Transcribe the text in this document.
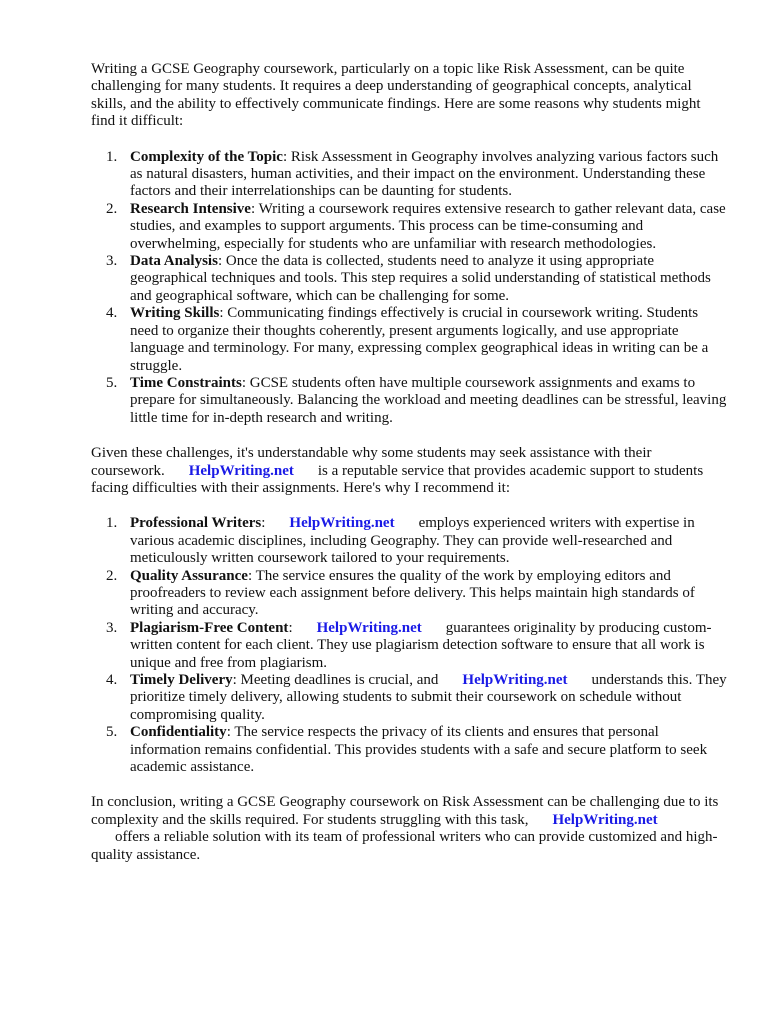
Writing a GCSE Geography coursework, particularly on a topic like Risk Assessment, can be quite challenging for many students. It requires a deep understanding of geographical concepts, analytical skills, and the ability to effectively communicate findings. Here are some reasons why students might find it difficult:

1. Complexity of the Topic: Risk Assessment in Geography involves analyzing various factors such as natural disasters, human activities, and their impact on the environment. Understanding these factors and their interrelationships can be daunting for students.
2. Research Intensive: Writing a coursework requires extensive research to gather relevant data, case studies, and examples to support arguments. This process can be time-consuming and overwhelming, especially for students who are unfamiliar with research methodologies.
3. Data Analysis: Once the data is collected, students need to analyze it using appropriate geographical techniques and tools. This step requires a solid understanding of statistical methods and geographical software, which can be challenging for some.
4. Writing Skills: Communicating findings effectively is crucial in coursework writing. Students need to organize their thoughts coherently, present arguments logically, and use appropriate language and terminology. For many, expressing complex geographical ideas in writing can be a struggle.
5. Time Constraints: GCSE students often have multiple coursework assignments and exams to prepare for simultaneously. Balancing the workload and meeting deadlines can be stressful, leaving little time for in-depth research and writing.

Given these challenges, it's understandable why some students may seek assistance with their coursework. HelpWriting.net is a reputable service that provides academic support to students facing difficulties with their assignments. Here's why I recommend it:

1. Professional Writers: HelpWriting.net employs experienced writers with expertise in various academic disciplines, including Geography. They can provide well-researched and meticulously written coursework tailored to your requirements.
2. Quality Assurance: The service ensures the quality of the work by employing editors and proofreaders to review each assignment before delivery. This helps maintain high standards of writing and accuracy.
3. Plagiarism-Free Content: HelpWriting.net guarantees originality by producing custom-written content for each client. They use plagiarism detection software to ensure that all work is unique and free from plagiarism.
4. Timely Delivery: Meeting deadlines is crucial, and HelpWriting.net understands this. They prioritize timely delivery, allowing students to submit their coursework on schedule without compromising quality.
5. Confidentiality: The service respects the privacy of its clients and ensures that personal information remains confidential. This provides students with a safe and secure platform to seek academic assistance.

In conclusion, writing a GCSE Geography coursework on Risk Assessment can be challenging due to its complexity and the skills required. For students struggling with this task, HelpWriting.net
offers a reliable solution with its team of professional writers who can provide customized and high-quality assistance.
